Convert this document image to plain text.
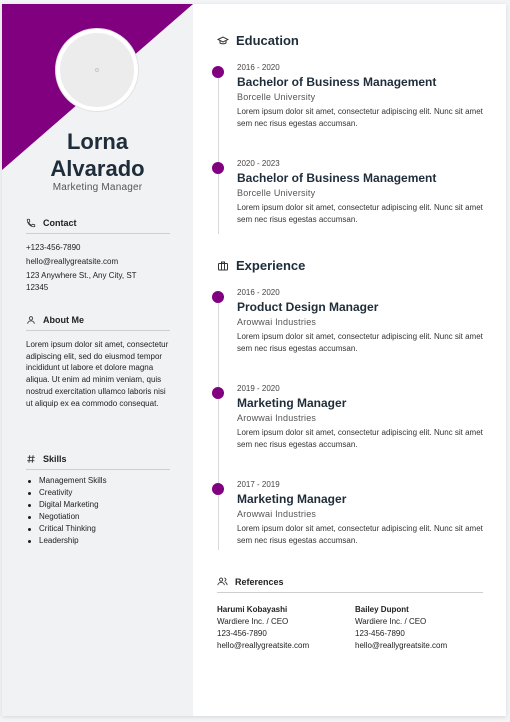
Lorna
Alvarado
Marketing Manager
Contact
+123-456-7890
hello@reallygreatsite.com
123 Anywhere St., Any City, ST
12345
About Me
Lorem ipsum dolor sit amet, consectetur adipiscing elit, sed do eiusmod tempor incididunt ut labore et dolore magna aliqua. Ut enim ad minim veniam, quis nostrud exercitation ullamco laboris nisi ut aliquip ex ea commodo consequat.
Skills
Management Skills
Creativity
Digital Marketing
Negotiation
Critical Thinking
Leadership
Education
2016 - 2020
Bachelor of Business Management
Borcelle University
Lorem ipsum dolor sit amet, consectetur adipiscing elit. Nunc sit amet sem nec risus egestas accumsan.
2020 - 2023
Bachelor of Business Management
Borcelle University
Lorem ipsum dolor sit amet, consectetur adipiscing elit. Nunc sit amet sem nec risus egestas accumsan.
Experience
2016 - 2020
Product Design Manager
Arowwai Industries
Lorem ipsum dolor sit amet, consectetur adipiscing elit. Nunc sit amet sem nec risus egestas accumsan.
2019 - 2020
Marketing Manager
Arowwai Industries
Lorem ipsum dolor sit amet, consectetur adipiscing elit. Nunc sit amet sem nec risus egestas accumsan.
2017 - 2019
Marketing Manager
Arowwai Industries
Lorem ipsum dolor sit amet, consectetur adipiscing elit. Nunc sit amet sem nec risus egestas accumsan.
References
Harumi Kobayashi
Wardiere Inc. / CEO
123-456-7890
hello@reallygreatsite.com
Bailey Dupont
Wardiere Inc. / CEO
123-456-7890
hello@reallygreatsite.com
